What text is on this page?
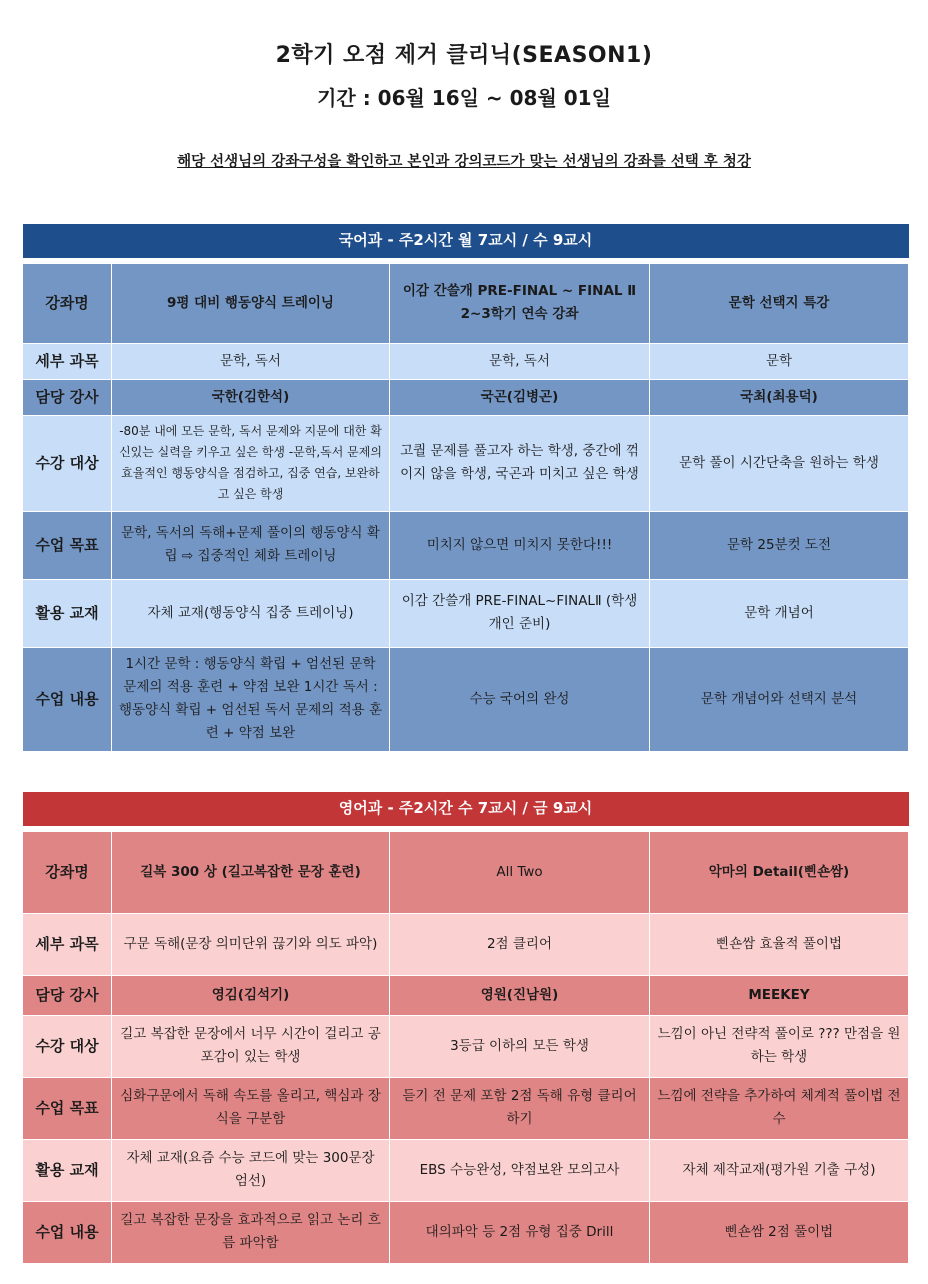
2학기 오점 제거 클리닉(SEASON1)
기간 : 06월 16일 ~ 08월 01일
해당 선생님의 강좌구성을 확인하고 본인과 강의코드가 맞는 선생님의 강좌를 선택 후 청강
국어과 - 주2시간 월 7교시 / 수 9교시			

강좌명	9평 대비 행동양식 트레이닝	이감 간쓸개 PRE-FINAL ~ FINAL Ⅱ 2~3학기 연속 강좌	문학 선택지 특강
세부 과목	문학, 독서	문학, 독서	문학
담당 강사	국한(김한석)	국곤(김병곤)	국최(최용덕)
수강 대상	-80분 내에 모든 문학, 독서 문제와 지문에 대한 확신있는 실력을 키우고 싶은 학생 -문학,독서 문제의 효율적인 행동양식을 점검하고, 집중 연습, 보완하고 싶은 학생	고퀄 문제를 풀고자 하는 학생, 중간에 꺾이지 않을 학생, 국곤과 미치고 싶은 학생	문학 풀이 시간단축을 원하는 학생
수업 목표	문학, 독서의 독해+문제 풀이의 행동양식 확립 ⇨ 집중적인 체화 트레이닝	미치지 않으면 미치지 못한다!!!	문학 25분컷 도전
활용 교재	자체 교재(행동양식 집중 트레이닝)	이감 간쓸개 PRE-FINAL~FINALⅡ (학생 개인 준비)	문학 개념어
수업 내용	1시간 문학 : 행동양식 확립 + 엄선된 문학 문제의 적용 훈련 + 약점 보완 1시간 독서 : 행동양식 확립 + 엄선된 독서 문제의 적용 훈련 + 약점 보완	수능 국어의 완성	문학 개념어와 선택지 분석
영어과 - 주2시간 수 7교시 / 금 9교시			

강좌명	길복 300 상 (길고복잡한 문장 훈련)	All Two	악마의 Detail(삔숀쌈)
세부 과목	구문 독해(문장 의미단위 끊기와 의도 파악)	2점 클리어	삔숀쌈 효율적 풀이법
담당 강사	영김(김석기)	영원(진남원)	MEEKEY
수강 대상	길고 복잡한 문장에서 너무 시간이 걸리고 공포감이 있는 학생	3등급 이하의 모든 학생	느낌이 아닌 전략적 풀이로 ??? 만점을 원하는 학생
수업 목표	심화구문에서 독해 속도를 올리고, 핵심과 장식을 구분함	듣기 전 문제 포함 2점 독해 유형 클리어하기	느낌에 전략을 추가하여 체계적 풀이법 전수
활용 교재	자체 교재(요즘 수능 코드에 맞는 300문장 엄선)	EBS 수능완성, 약점보완 모의고사	자체 제작교재(평가원 기출 구성)
수업 내용	길고 복잡한 문장을 효과적으로 읽고 논리 흐름 파악함	대의파악 등 2점 유형 집중 Drill	삔숀쌈 2점 풀이법
